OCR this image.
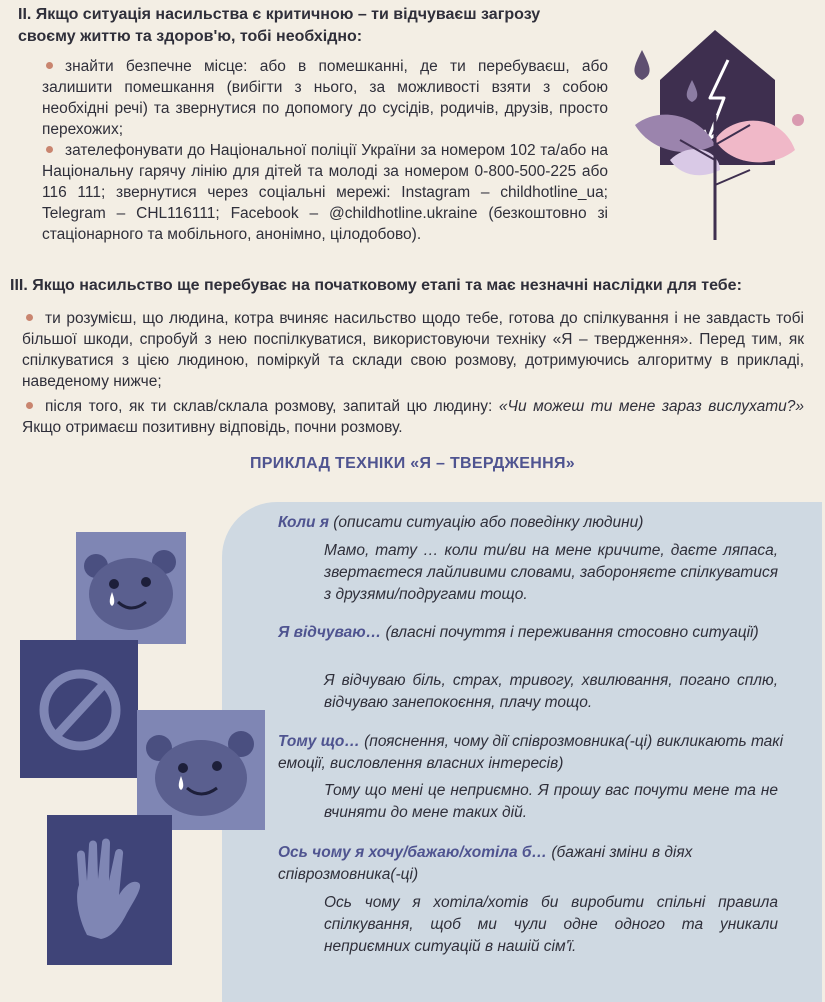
II. Якщо ситуація насильства є критичною – ти відчуваєш загрозу
своєму життю та здоров'ю, тобі необхідно:
знайти безпечне місце: або в помешканні, де ти перебуваєш, або залишити помешкання (вибігти з нього, за можливості взяти з собою необхідні речі) та звернутися по допомогу до сусідів, родичів, друзів, просто перехожих;
зателефонувати до Національної поліції України за номером 102 та/або на Національну гарячу лінію для дітей та молоді за номером 0-800-500-225 або 116 111; звернутися через соціальні мережі: Instagram – childhotline_ua; Telegram – CHL116111; Facebook – @childhotline.ukraine (безкоштовно зі стаціонарного та мобільного, анонімно, цілодобово).
III. Якщо насильство ще перебуває на початковому етапі та має незначні наслідки для тебе:
ти розумієш, що людина, котра вчиняє насильство щодо тебе, готова до спілкування і не завдасть тобі більшої шкоди, спробуй з нею поспілкуватися, використовуючи техніку «Я – твердження». Перед тим, як спілкуватися з цією людиною, поміркуй та склади свою розмову, дотримуючись алгоритму в прикладі, наведеному нижче;
після того, як ти склав/склала розмову, запитай цю людину: «Чи можеш ти мене зараз вислухати?» Якщо отримаєш позитивну відповідь, почни розмову.
ПРИКЛАД ТЕХНІКИ «Я – ТВЕРДЖЕННЯ»
Коли я (описати ситуацію або поведінку людини)
Мамо, тату … коли ти/ви на мене кричите, даєте ляпаса, звертаєтеся лайливими словами, забороняєте спілкуватися з друзями/подругами тощо.
Я відчуваю… (власні почуття і переживання стосовно ситуації)
Я відчуваю біль, страх, тривогу, хвилювання, погано сплю, відчуваю занепокоєння, плачу тощо.
Тому що… (пояснення, чому дії співрозмовника(-ці) викликають такі емоції, висловлення власних інтересів)
Тому що мені це неприємно. Я прошу вас почути мене та не вчиняти до мене таких дій.
Ось чому я хочу/бажаю/хотіла б… (бажані зміни в діях співрозмовника(-ці)
Ось чому я хотіла/хотів би виробити спільні правила спілкування, щоб ми чули одне одного та уникали неприємних ситуацій в нашій сім'ї.
